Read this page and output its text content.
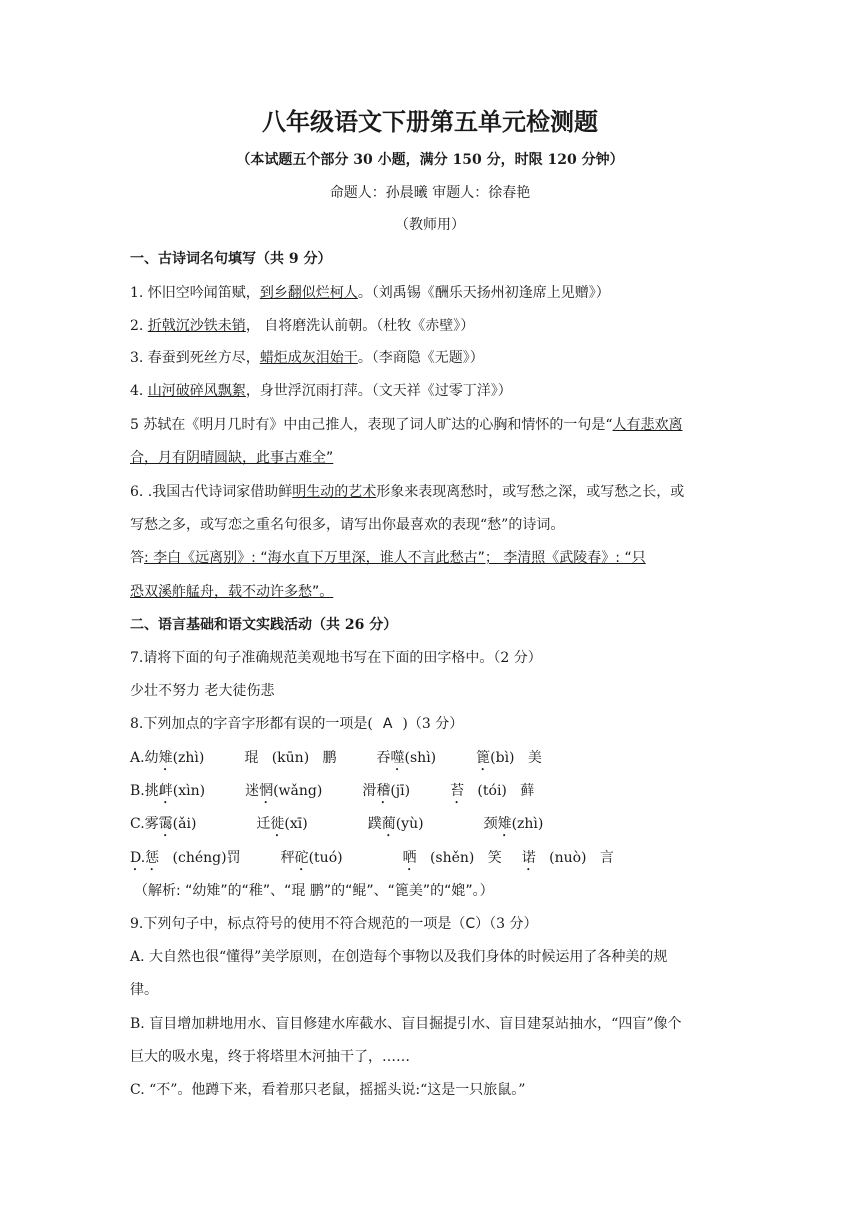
八年级语文下册第五单元检测题
（本试题五个部分 30 小题，满分 150 分，时限 120 分钟）
命题人：孙晨曦 审题人：徐春艳
（教师用）
一、古诗词名句填写（共 9 分）
1. 怀旧空吟闻笛赋，到乡翻似烂柯人。（刘禹锡《酬乐天扬州初逢席上见赠》）
2. 折戟沉沙铁未销， 自将磨洗认前朝。（杜牧《赤壁》）
3. 春蚕到死丝方尽，蜡炬成灰泪始干。（李商隐《无题》）
4. 山河破碎风飘絮，身世浮沉雨打萍。（文天祥《过零丁洋》）
5 苏轼在《明月几时有》中由己推人，表现了词人旷达的心胸和情怀的一句是“人有悲欢离
合，月有阴晴圆缺，此事古难全”
6. .我国古代诗词家借助鲜明生动的艺术形象来表现离愁时，或写愁之深，或写愁之长，或
写愁之多，或写恋之重名句很多，请写出你最喜欢的表现“愁”的诗词。
答: 李白《远离别》: “海水直下万里深，谁人不言此愁古”； 李清照《武陵春》: “只
恐双溪舴艋舟，载不动许多愁”。
二、语言基础和语文实践活动（共 26 分）
7.请将下面的句子准确规范美观地书写在下面的田字格中。（2 分）
少壮不努力 老大徒伤悲
8.下列加点的字音字形都有误的一项是( A )（3 分）
A.幼雉(zhì)	琨 (kūn) 鹏	吞噬(shì)	篦(bì) 美
B.挑衅(xìn)	迷惘(wǎng)	滑稽(jī)	苔 (tói) 藓
C.雾霭(ǎi)	迁徙(xī)	蹼蔺(yù)	颈雉(zhì)
D.惩 (chéng)罚	秤砣(tuó)	哂 (shěn) 笑 诺 (nuò) 言
（解析: “幼雉”的“稚”、“琨 鹏”的“鲲”、“篦美”的“媲”。）
9.下列句子中，标点符号的使用不符合规范的一项是（C）（3 分）
A. 大自然也很“懂得”美学原则，在创造每个事物以及我们身体的时候运用了各种美的规
律。
B. 盲目增加耕地用水、盲目修建水库截水、盲目掘提引水、盲目建泵站抽水，“四盲”像个
巨大的吸水鬼，终于将塔里木河抽干了，……
C. “不”。他蹲下来，看着那只老鼠，摇摇头说:“这是一只旅鼠。”
